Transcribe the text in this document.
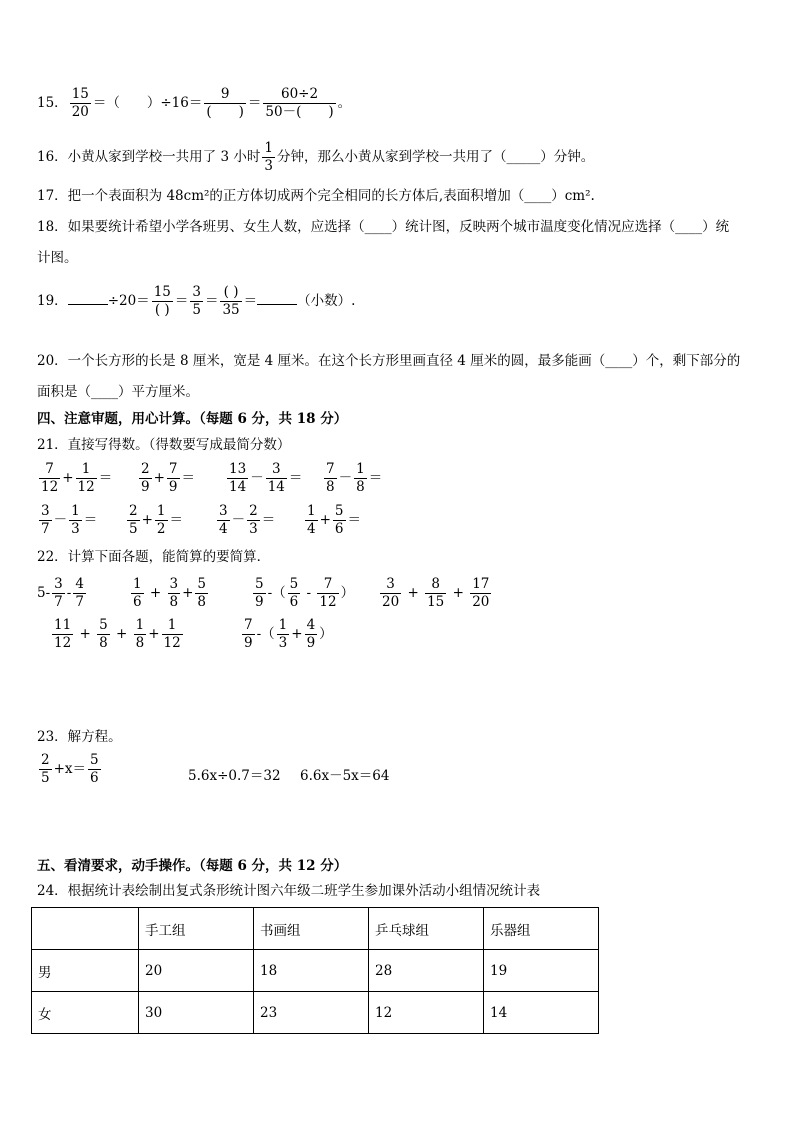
15． $\frac{15}{20}$ ＝（　　）$\div 16= \frac{9}{( )} = \frac{60\div 2}{50-( )}$ 。
16．小黄从家到学校一共用了 3 小时 $\frac{1}{3}$ 分钟，那么小黄从家到学校一共用了（_____）分钟。
17．把一个表面积为 48cm²的正方体切成两个完全相同的长方体后,表面积增加（____）cm².
18．如果要统计希望小学各班男、女生人数，应选择（____）统计图，反映两个城市温度变化情况应选择（____）统
计图。
19．	$\div 20= \frac{15}{( )} = \frac{3}{5} = \frac{( )}{35}$ ＝	（小数）.
20．一个长方形的长是 8 厘米，宽是 4 厘米。在这个长方形里画直径 4 厘米的圆，最多能画（____）个，剩下部分的
面积是（____）平方厘米。
四、注意审题，用心计算。（每题 6 分，共 18 分）
21．直接写得数。（得数要写成最简分数）
$\frac{7}{12} + \frac{1}{12} = \frac{2}{9} + \frac{7}{9} = \frac{13}{14} - \frac{3}{14} = \frac{7}{8} - \frac{1}{8}$ ＝
$\frac{3}{7} - \frac{1}{3} = \frac{2}{5} + \frac{1}{2}$ ＝	$\frac{3}{4} - \frac{2}{3} = \frac{1}{4} + \frac{5}{6}$ ＝
22．计算下面各题，能简算的要简算．
$5- \frac{3}{7} - \frac{4}{7}$	$\frac{1}{6} + \frac{3}{8} + \frac{5}{8}$	$\frac{5}{9}$ -（ $\frac{5}{6} - \frac{7}{12}$ ） $\frac{3}{20} + \frac{8}{15} + \frac{17}{20}$
$\frac{11}{12} + \frac{5}{8} + \frac{1}{8} + \frac{1}{12}$	$\frac{7}{9}$ -（ $\frac{1}{3} + \frac{4}{9}$ ）
23．解方程。
$\frac{2}{5} +x= \frac{5}{6}$	5.6x÷0.7＝32 6.6x－5x＝64
五、看清要求，动手操作。（每题 6 分，共 12 分）
24．根据统计表绘制出复式条形统计图六年级二班学生参加课外活动小组情况统计表
	手工组	书画组	乒乓球组	乐器组
男	20	18	28	19
女	30	23	12	14
